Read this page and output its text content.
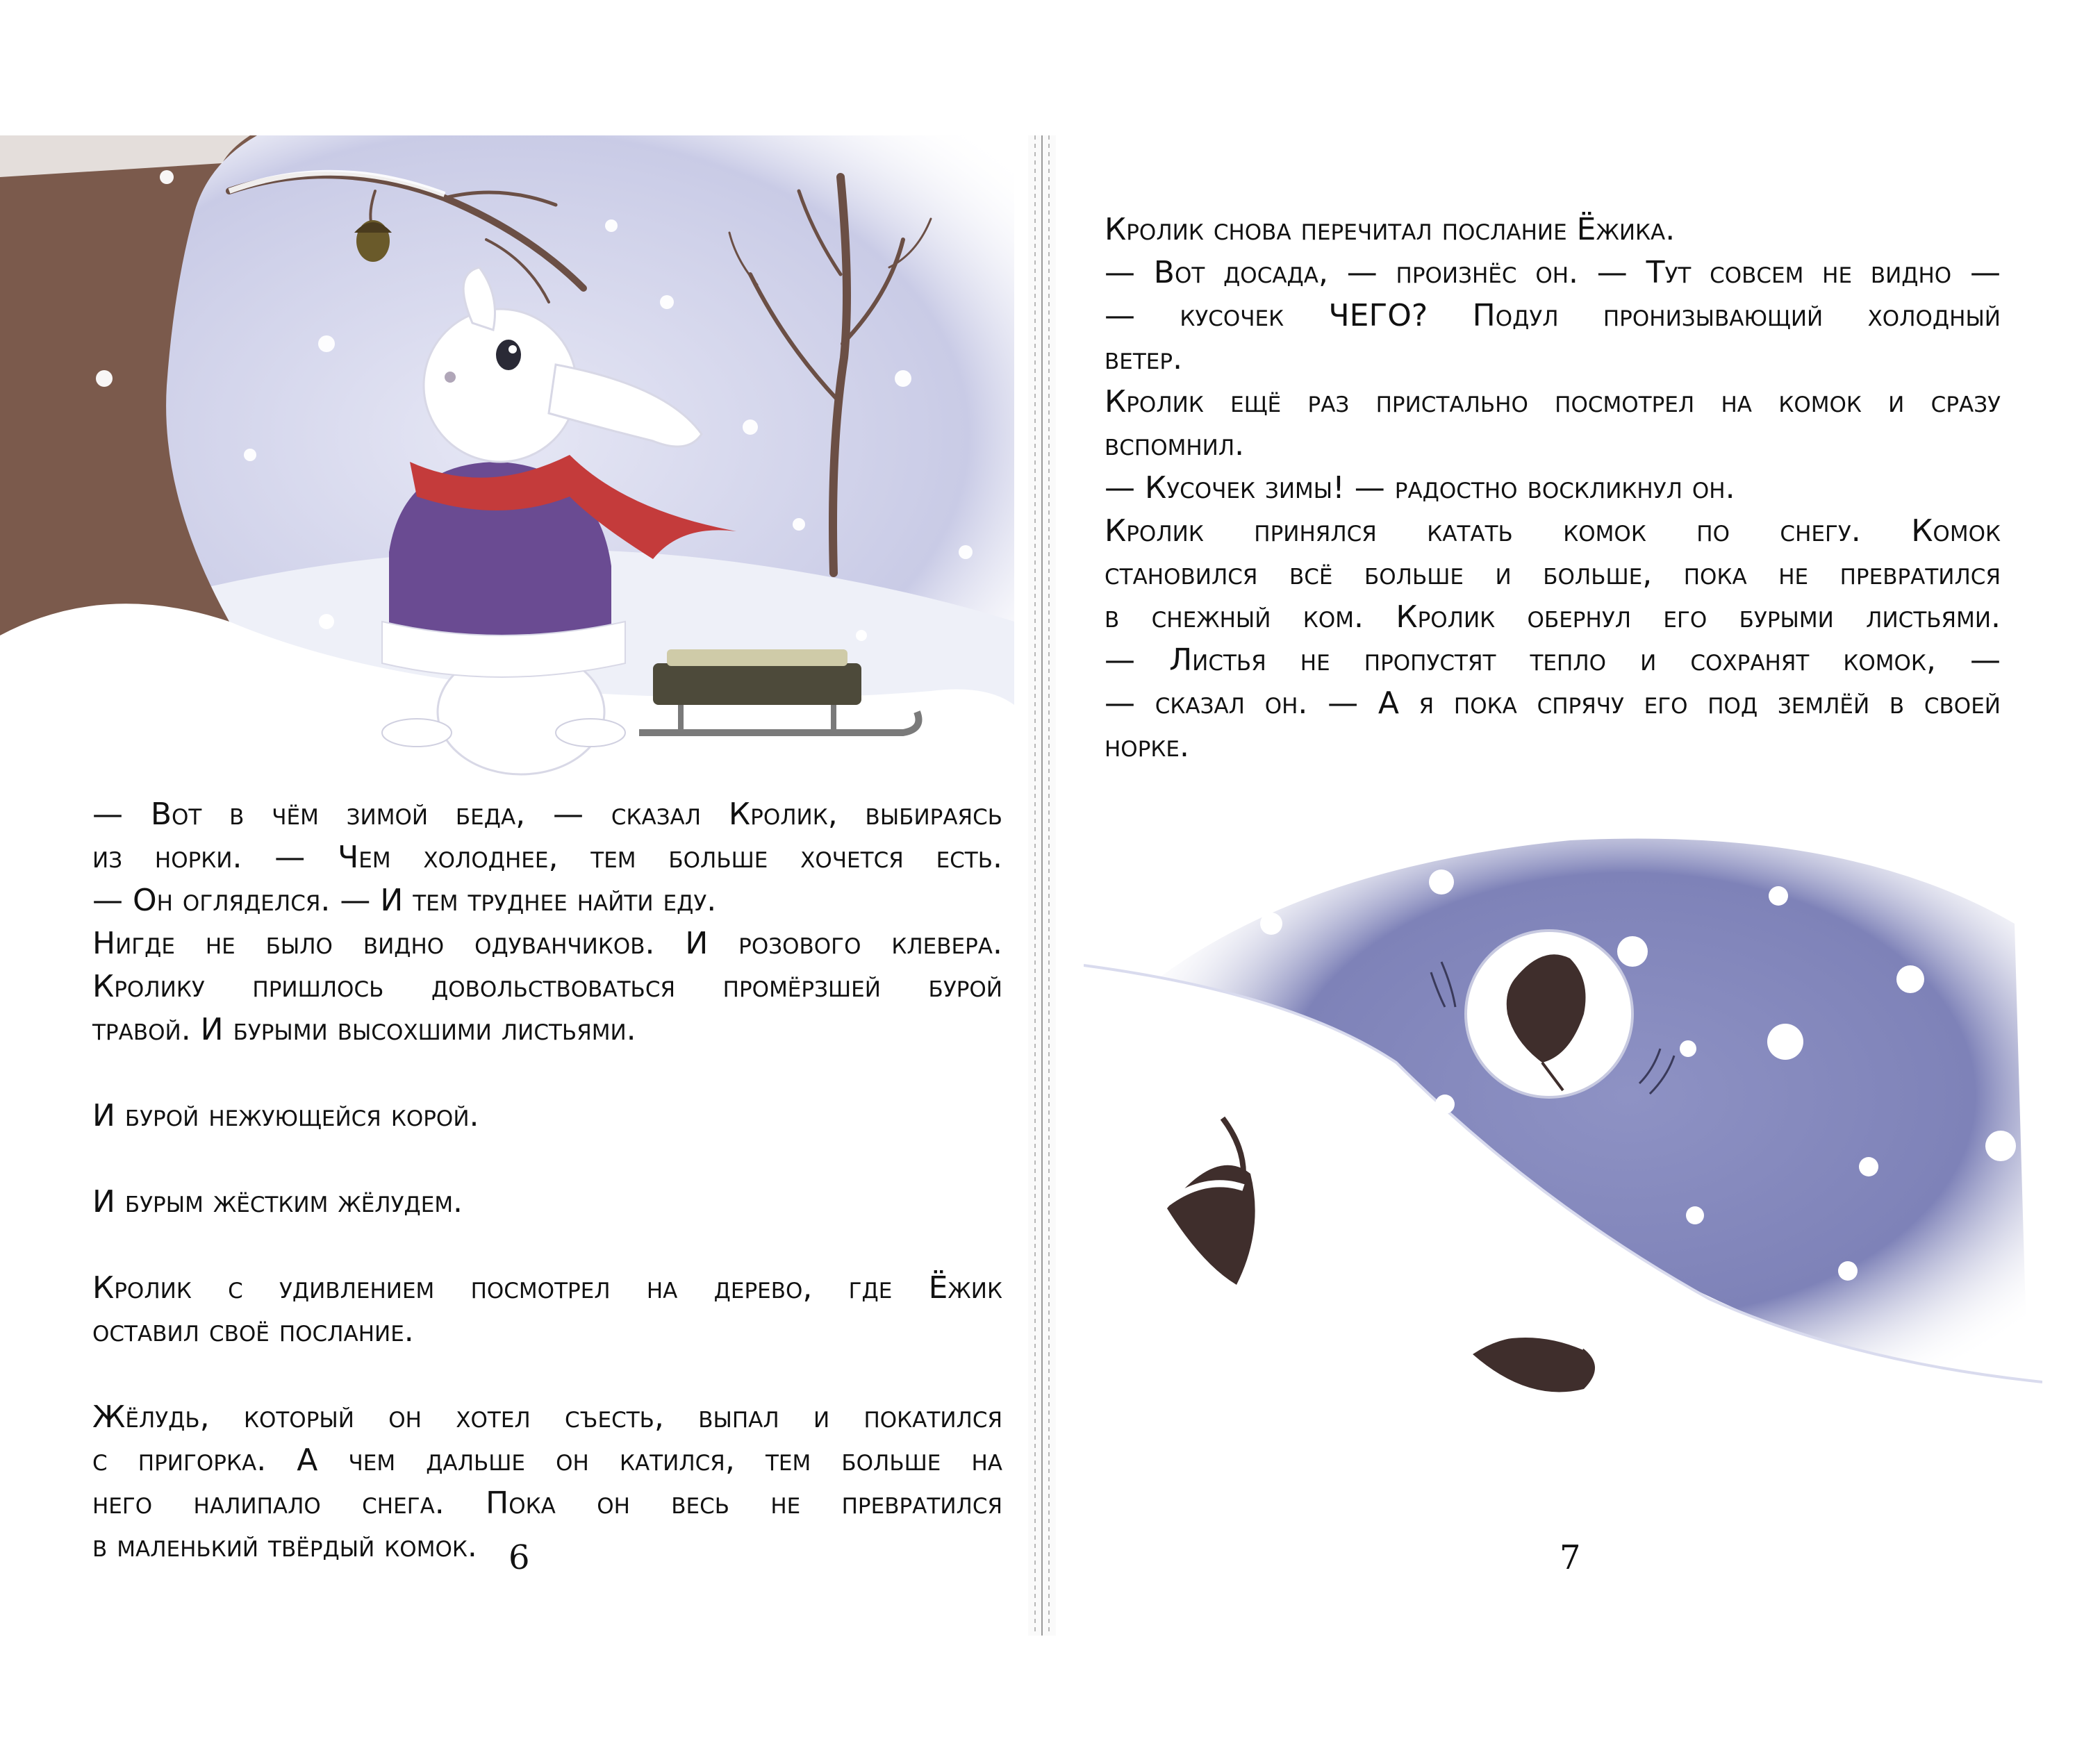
— Вот в чём зимой беда, — сказал Кролик, выбираясь
из норки. — Чем холоднее, тем больше хочется есть.
— Он огляделся. — И тем труднее найти еду.
Нигде не было видно одуванчиков. И розового клевера.
Кролику пришлось довольствоваться промёрзшей бурой
травой. И бурыми высохшими листьями.
И бурой нежующейся корой.
И бурым жёстким жёлудем.
Кролик с удивлением посмотрел на дерево, где Ёжик
оставил своё послание.
Жёлудь, который он хотел съесть, выпал и покатился
с пригорка. А чем дальше он катился, тем больше на
него налипало снега. Пока он весь не превратился
в маленький твёрдый комок. 6
Кролик снова перечитал послание Ёжика.
— Вот досада, — произнёс он. — Тут совсем не видно —
— кусочек ЧЕГО? Подул пронизывающий холодный
ветер.
Кролик ещё раз пристально посмотрел на комок и сразу
вспомнил.
— Кусочек зимы! — радостно воскликнул он.
Кролик принялся катать комок по снегу. Комок
становился всё больше и больше, пока не превратился
в снежный ком. Кролик обернул его бурыми листьями.
— Листья не пропустят тепло и сохранят комок, —
— сказал он. — А я пока спрячу его под землёй в своей
норке.
7
